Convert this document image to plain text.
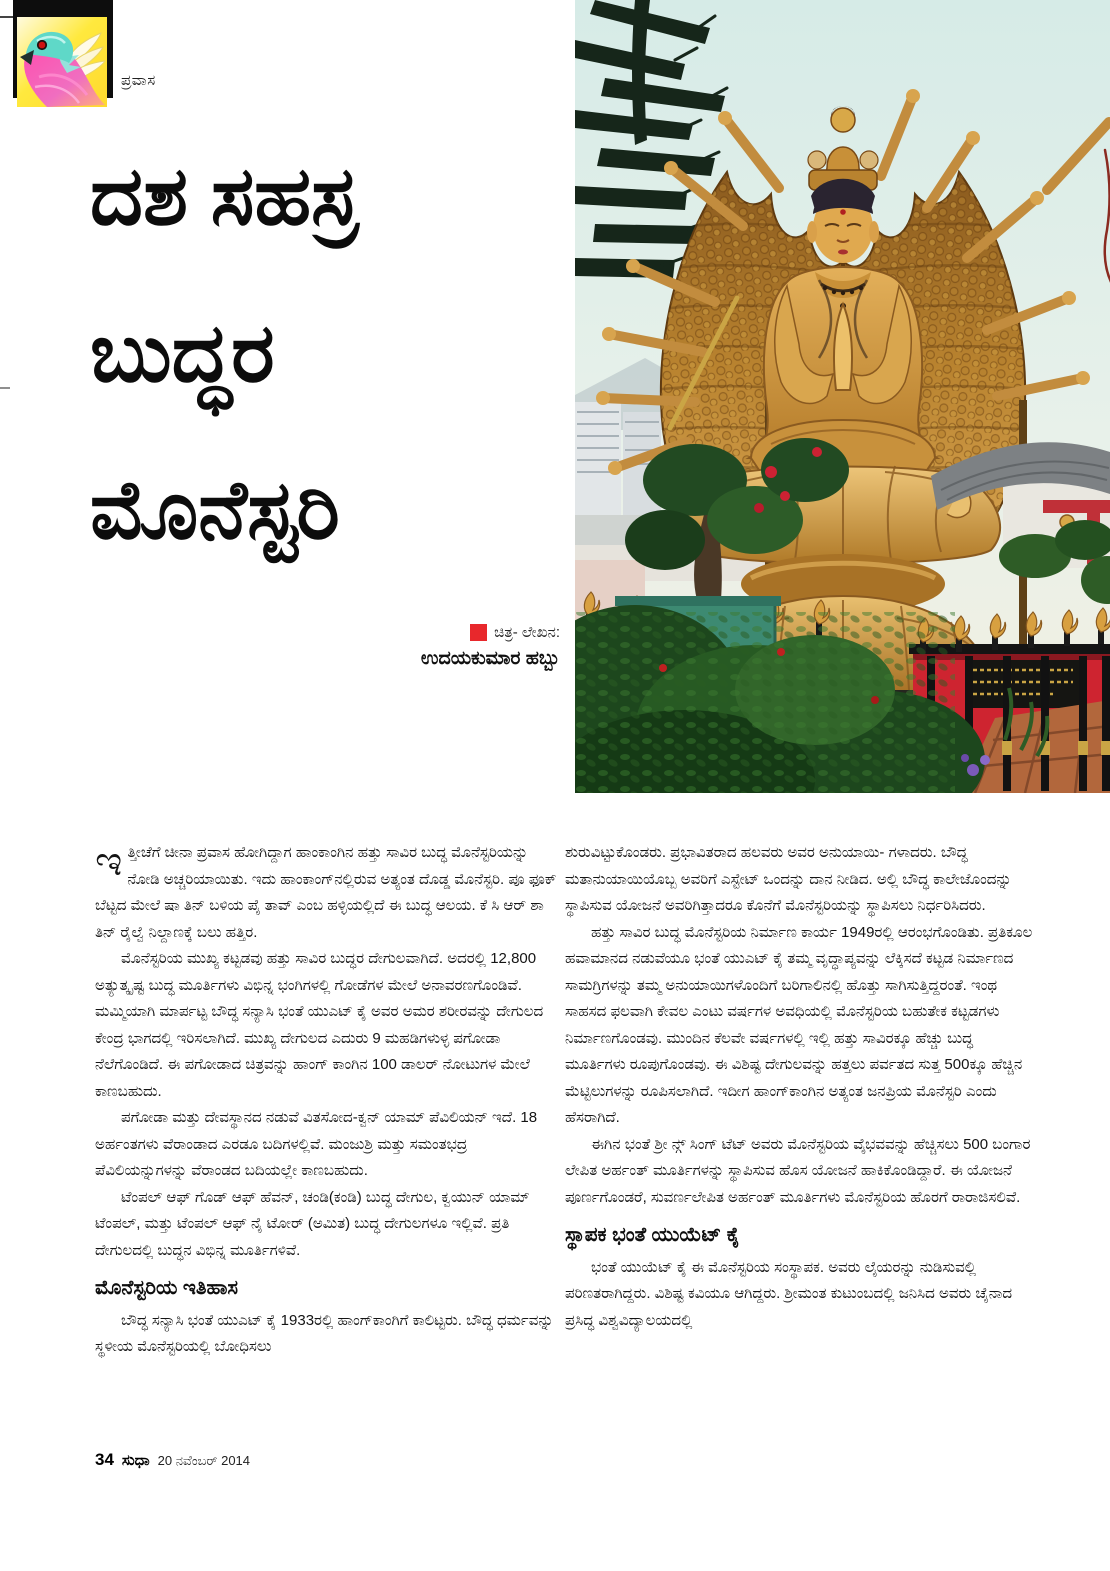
ಪ್ರವಾಸ
ದಶ ಸಹಸ್ರ
ಬುದ್ಧರ
ಮೊನೆಸ್ಟರಿ
ಚಿತ್ರ- ಲೇಖನ:
ಉದಯಕುಮಾರ ಹಬ್ಬು

ಇತ್ತೀಚೆಗೆ ಚೀನಾ ಪ್ರವಾಸ ಹೋಗಿದ್ದಾಗ ಹಾಂಕಾಂಗಿನ ಹತ್ತು ಸಾವಿರ ಬುದ್ಧ ಮೊನೆಸ್ಟರಿಯನ್ನು ನೋಡಿ ಅಚ್ಚರಿಯಾಯಿತು. ಇದು ಹಾಂಕಾಂಗ್‌ನಲ್ಲಿರುವ ಅತ್ಯಂತ ದೊಡ್ಡ ಮೊನೆಸ್ಟರಿ. ಪೂ ಫೂಕ್ ಬೆಟ್ಟದ ಮೇಲೆ ಷಾ ತಿನ್ ಬಳಿಯ ಪೈ ತಾವ್ ಎಂಬ ಹಳ್ಳಿಯಲ್ಲಿದೆ ಈ ಬುದ್ಧ ಆಲಯ. ಕೆ ಸಿ ಆರ್ ಶಾ ತಿನ್ ರೈಲ್ವೆ ನಿಲ್ದಾಣಕ್ಕೆ ಬಲು ಹತ್ತಿರ.

ಮೊನೆಸ್ಟರಿಯ ಮುಖ್ಯ ಕಟ್ಟಡವು ಹತ್ತು ಸಾವಿರ ಬುದ್ಧರ ದೇಗುಲವಾಗಿದೆ. ಅದರಲ್ಲಿ 12,800 ಅತ್ಯುತ್ಕೃಷ್ಟ ಬುದ್ಧ ಮೂರ್ತಿಗಳು ವಿಭಿನ್ನ ಭಂಗಿಗಳಲ್ಲಿ ಗೋಡೆಗಳ ಮೇಲೆ ಅನಾವರಣಗೊಂಡಿವೆ. ಮಮ್ಮಿಯಾಗಿ ಮಾರ್ಪಟ್ಟ ಬೌದ್ಧ ಸನ್ಯಾಸಿ ಭಂತೆ ಯುಎಟ್ ಕೈ ಅವರ ಅಮರ ಶರೀರವನ್ನು ದೇಗುಲದ ಕೇಂದ್ರ ಭಾಗದಲ್ಲಿ ಇರಿಸಲಾಗಿದೆ. ಮುಖ್ಯ ದೇಗುಲದ ಎದುರು 9 ಮಹಡಿಗಳುಳ್ಳ ಪಗೋಡಾ ನೆಲೆಗೊಂಡಿದೆ. ಈ ಪಗೋಡಾದ ಚಿತ್ರವನ್ನು ಹಾಂಗ್ ಕಾಂಗಿನ 100 ಡಾಲರ್ ನೋಟುಗಳ ಮೇಲೆ ಕಾಣಬಹುದು.

ಪಗೋಡಾ ಮತ್ತು ದೇವಸ್ಥಾನದ ನಡುವೆ ವಿತಸೋದ-ಕ್ವನ್ ಯಾಮ್ ಪೆವಿಲಿಯನ್ ಇದೆ. 18 ಅರ್ಹಂತಗಳು ವೆರಾಂಡಾದ ಎರಡೂ ಬದಿಗಳಲ್ಲಿವೆ. ಮಂಜುಶ್ರಿ ಮತ್ತು ಸಮಂತಭದ್ರ ಪೆವಿಲಿಯನ್ನುಗಳನ್ನು ವೆರಾಂಡದ ಬದಿಯಲ್ಲೇ ಕಾಣಬಹುದು.

ಟೆಂಪಲ್ ಆಫ್ ಗೊಡ್ ಆಫ್ ಹೆವನ್, ಚಂಡಿ(ಕಂಡಿ) ಬುದ್ಧ ದೇಗುಲ, ಕ್ವಯುನ್ ಯಾಮ್ ಟೆಂಪಲ್, ಮತ್ತು ಟೆಂಪಲ್ ಆಫ್ ನೈ ಟೋರ್ (ಅಮಿತ) ಬುದ್ಧ ದೇಗುಲಗಳೂ ಇಲ್ಲಿವೆ. ಪ್ರತಿ ದೇಗುಲದಲ್ಲಿ ಬುದ್ಧನ ವಿಭಿನ್ನ ಮೂರ್ತಿಗಳಿವೆ.

ಮೊನೆಸ್ಟರಿಯ ಇತಿಹಾಸ

ಬೌದ್ಧ ಸನ್ಯಾಸಿ ಭಂತೆ ಯುಎಟ್ ಕೈ 1933ರಲ್ಲಿ ಹಾಂಗ್‌ಕಾಂಗಿಗೆ ಕಾಲಿಟ್ಟರು. ಬೌದ್ಧ ಧರ್ಮವನ್ನು ಸ್ಥಳೀಯ ಮೊನೆಸ್ಟರಿಯಲ್ಲಿ ಬೋಧಿಸಲು

ಶುರುವಿಟ್ಟುಕೊಂಡರು. ಪ್ರಭಾವಿತರಾದ ಹಲವರು ಅವರ ಅನುಯಾಯಿ- ಗಳಾದರು. ಬೌದ್ಧ ಮತಾನುಯಾಯಿಯೊಬ್ಬ ಅವರಿಗೆ ಎಸ್ಟೇಟ್ ಒಂದನ್ನು ದಾನ ನೀಡಿದ. ಅಲ್ಲಿ ಬೌದ್ಧ ಕಾಲೇಜೊಂದನ್ನು ಸ್ಥಾಪಿಸುವ ಯೋಜನೆ ಅವರಿಗಿತ್ತಾದರೂ ಕೊನೆಗೆ ಮೊನೆಸ್ಟರಿಯನ್ನು ಸ್ಥಾಪಿಸಲು ನಿರ್ಧರಿಸಿದರು.

ಹತ್ತು ಸಾವಿರ ಬುದ್ಧ ಮೊನೆಸ್ಟರಿಯ ನಿರ್ಮಾಣ ಕಾರ್ಯ 1949ರಲ್ಲಿ ಆರಂಭಗೊಂಡಿತು. ಪ್ರತಿಕೂಲ ಹವಾಮಾನದ ನಡುವೆಯೂ ಭಂತೆ ಯುಎಟ್ ಕೈ ತಮ್ಮ ವೃದ್ಧಾಪ್ಯವನ್ನು ಲೆಕ್ಕಿಸದೆ ಕಟ್ಟಡ ನಿರ್ಮಾಣದ ಸಾಮಗ್ರಿಗಳನ್ನು ತಮ್ಮ ಅನುಯಾಯಿಗಳೊಂದಿಗೆ ಬರಿಗಾಲಿನಲ್ಲಿ ಹೊತ್ತು ಸಾಗಿಸುತ್ತಿದ್ದರಂತೆ. ಇಂಥ ಸಾಹಸದ ಫಲವಾಗಿ ಕೇವಲ ಎಂಟು ವರ್ಷಗಳ ಅವಧಿಯಲ್ಲಿ ಮೊನೆಸ್ಟರಿಯ ಬಹುತೇಕ ಕಟ್ಟಡಗಳು ನಿರ್ಮಾಣಗೊಂಡವು. ಮುಂದಿನ ಕೆಲವೇ ವರ್ಷಗಳಲ್ಲಿ ಇಲ್ಲಿ ಹತ್ತು ಸಾವಿರಕ್ಕೂ ಹೆಚ್ಚು ಬುದ್ಧ ಮೂರ್ತಿಗಳು ರೂಪುಗೊಂಡವು. ಈ ವಿಶಿಷ್ಟ ದೇಗುಲವನ್ನು ಹತ್ತಲು ಪರ್ವತದ ಸುತ್ತ 500ಕ್ಕೂ ಹೆಚ್ಚಿನ ಮೆಟ್ಟಿಲುಗಳನ್ನು ರೂಪಿಸಲಾಗಿದೆ. ಇದೀಗ ಹಾಂಗ್‌ಕಾಂಗಿನ ಅತ್ಯಂತ ಜನಪ್ರಿಯ ಮೊನೆಸ್ಟರಿ ಎಂದು ಹೆಸರಾಗಿದೆ.

ಈಗಿನ ಭಂತೆ ಶ್ರೀ ನ್ಗ್ ಸಿಂಗ್ ಟೆಟ್ ಅವರು ಮೊನೆಸ್ಟರಿಯ ವೈಭವವನ್ನು ಹೆಚ್ಚಿಸಲು 500 ಬಂಗಾರ ಲೇಪಿತ ಅರ್ಹಂತ್ ಮೂರ್ತಿಗಳನ್ನು ಸ್ಥಾಪಿಸುವ ಹೊಸ ಯೋಜನೆ ಹಾಕಿಕೊಂಡಿದ್ದಾರೆ. ಈ ಯೋಜನೆ ಪೂರ್ಣಗೊಂಡರೆ, ಸುವರ್ಣಲೇಪಿತ ಅರ್ಹಂತ್ ಮೂರ್ತಿಗಳು ಮೊನೆಸ್ಟರಿಯ ಹೊರಗೆ ರಾರಾಜಿಸಲಿವೆ.

ಸ್ಥಾಪಕ ಭಂತೆ ಯುಯೆಟ್ ಕೈ

ಭಂತೆ ಯುಯೆಟ್ ಕೈ ಈ ಮೊನೆಸ್ಟರಿಯ ಸಂಸ್ಥಾಪಕ. ಅವರು ಲೈಯರನ್ನು ನುಡಿಸುವಲ್ಲಿ ಪರಿಣತರಾಗಿದ್ದರು. ವಿಶಿಷ್ಟ ಕವಿಯೂ ಆಗಿದ್ದರು. ಶ್ರೀಮಂತ ಕುಟುಂಬದಲ್ಲಿ ಜನಿಸಿದ ಅವರು ಚೈನಾದ ಪ್ರಸಿದ್ಧ ವಿಶ್ವವಿದ್ಯಾಲಯದಲ್ಲಿ

34 ಸುಧಾ 20 ನವೆಂಬರ್ 2014
